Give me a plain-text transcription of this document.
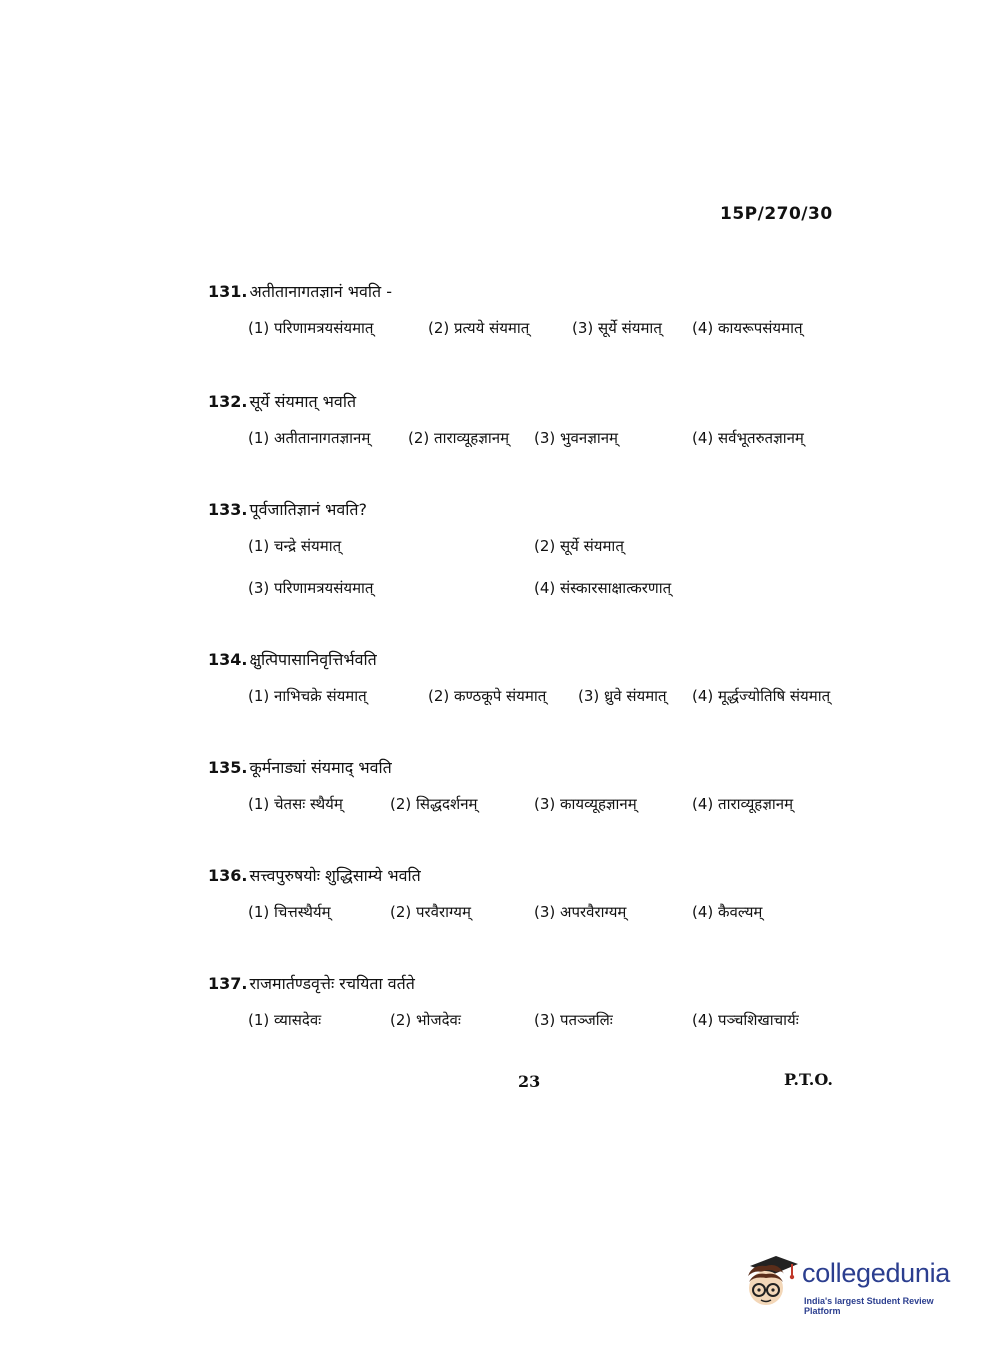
15P/270/30
131. अतीतानागतज्ञानं भवति -
(1) परिणामत्रयसंयमात्	(2) प्रत्यये संयमात्	(3) सूर्ये संयमात् (4) कायरूपसंयमात्
132. सूर्ये संयमात् भवति
(1) अतीतानागतज्ञानम्	(2) ताराव्यूहज्ञानम् (3) भुवनज्ञानम्	(4) सर्वभूतरुतज्ञानम्
133. पूर्वजातिज्ञानं भवति?
(1) चन्द्रे संयमात्	(2) सूर्ये संयमात्
(3) परिणामत्रयसंयमात्	(4) संस्कारसाक्षात्करणात्
134. क्षुत्पिपासानिवृत्तिर्भवति
(1) नाभिचक्रे संयमात्	(2) कण्ठकूपे संयमात् (3) ध्रुवे संयमात् (4) मूर्द्धज्योतिषि संयमात्
135. कूर्मनाड्यां संयमाद् भवति
(1) चेतसः स्थैर्यम्	(2) सिद्धदर्शनम्	(3) कायव्यूहज्ञानम्	(4) ताराव्यूहज्ञानम्
136. सत्त्वपुरुषयोः शुद्धिसाम्ये भवति
(1) चित्तस्थैर्यम्	(2) परवैराग्यम्	(3) अपरवैराग्यम्	(4) कैवल्यम्
137. राजमार्तण्डवृत्तेः रचयिता वर्तते
(1) व्यासदेवः	(2) भोजदेवः	(3) पतञ्जलिः	(4) पञ्चशिखाचार्यः
23	P.T.O.
collegedunia
India's largest Student Review Platform
